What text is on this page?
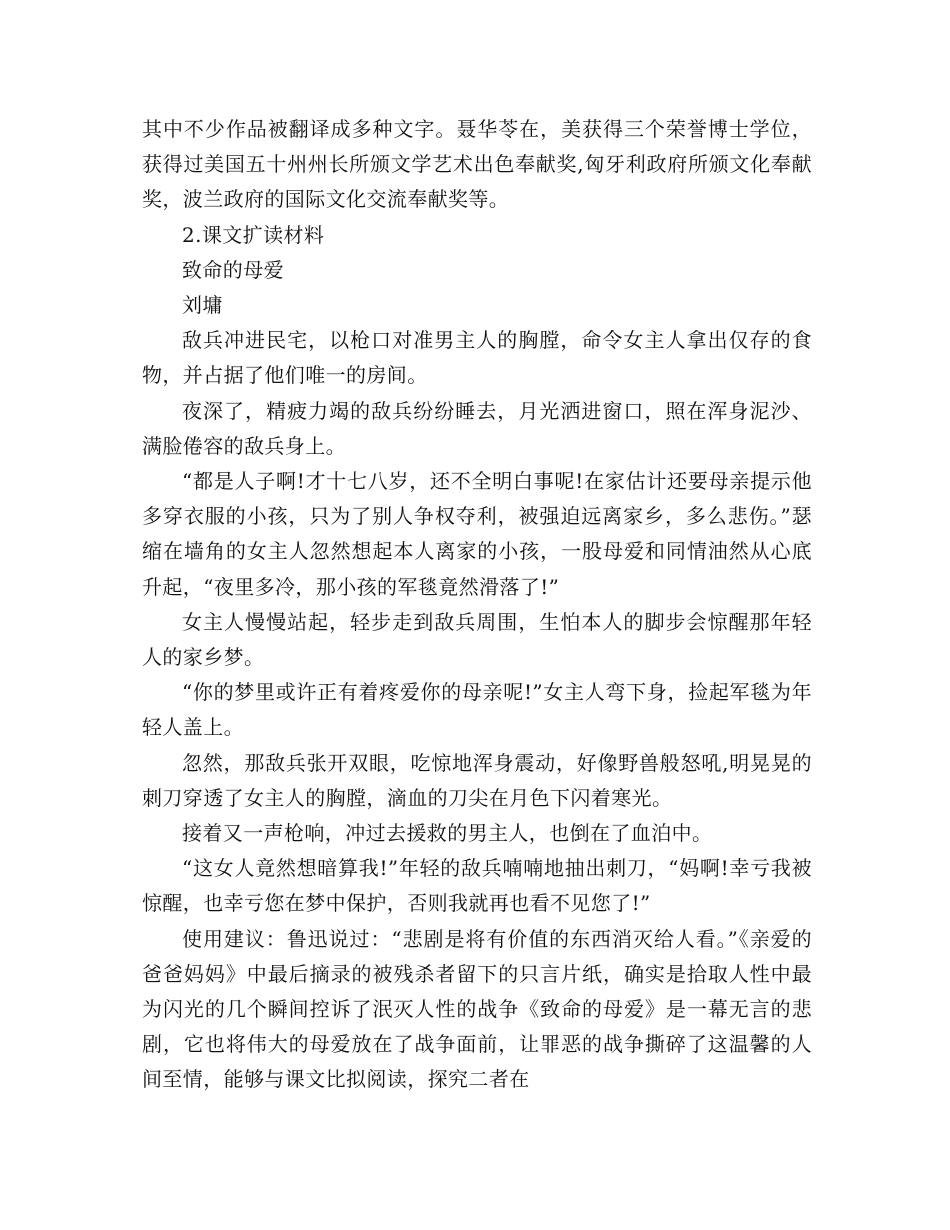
其中不少作品被翻译成多种文字。聂华苓在，美获得三个荣誉博士学位，获得过美国五十州州长所颁文学艺术出色奉献奖,匈牙利政府所颁文化奉献奖，波兰政府的国际文化交流奉献奖等。

2.课文扩读材料

致命的母爱

刘墉

敌兵冲进民宅，以枪口对准男主人的胸膛，命令女主人拿出仅存的食物，并占据了他们唯一的房间。

夜深了，精疲力竭的敌兵纷纷睡去，月光洒进窗口，照在浑身泥沙、满脸倦容的敌兵身上。

“都是人子啊!才十七八岁，还不全明白事呢!在家估计还要母亲提示他多穿衣服的小孩，只为了别人争权夺利，被强迫远离家乡，多么悲伤。”瑟缩在墙角的女主人忽然想起本人离家的小孩，一股母爱和同情油然从心底升起，“夜里多冷，那小孩的军毯竟然滑落了!”

女主人慢慢站起，轻步走到敌兵周围，生怕本人的脚步会惊醒那年轻人的家乡梦。

“你的梦里或许正有着疼爱你的母亲呢!”女主人弯下身，捡起军毯为年轻人盖上。

忽然，那敌兵张开双眼，吃惊地浑身震动，好像野兽般怒吼,明晃晃的刺刀穿透了女主人的胸膛，滴血的刀尖在月色下闪着寒光。

接着又一声枪响，冲过去援救的男主人，也倒在了血泊中。

“这女人竟然想暗算我!”年轻的敌兵喃喃地抽出刺刀，“妈啊!幸亏我被惊醒，也幸亏您在梦中保护，否则我就再也看不见您了!”

使用建议：鲁迅说过：“悲剧是将有价值的东西消灭给人看。”《亲爱的爸爸妈妈》中最后摘录的被残杀者留下的只言片纸，确实是拾取人性中最为闪光的几个瞬间控诉了泯灭人性的战争《致命的母爱》是一幕无言的悲剧，它也将伟大的母爱放在了战争面前，让罪恶的战争撕碎了这温馨的人间至情，能够与课文比拟阅读，探究二者在
